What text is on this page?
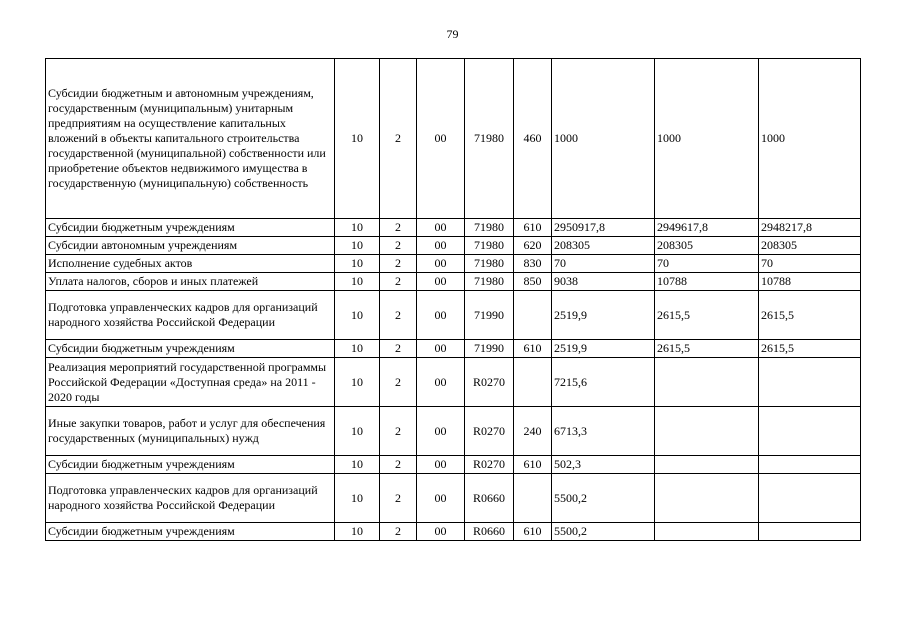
79
Субсидии бюджетным и автономным учреждениям, государственным (муниципальным) унитарным предприятиям на осуществление капитальных вложений в объекты капитального строительства государственной (муниципальной) собственности или приобретение объектов недвижимого имущества в государственную (муниципальную) собственность	10	2	00	71980	460	1000	1000	1000
Субсидии бюджетным учреждениям	10	2	00	71980	610	2950917,8	2949617,8	2948217,8
Субсидии автономным учреждениям	10	2	00	71980	620	208305	208305	208305
Исполнение судебных актов	10	2	00	71980	830	70	70	70
Уплата налогов, сборов и иных платежей	10	2	00	71980	850	9038	10788	10788
Подготовка управленческих кадров для организаций народного хозяйства Российской Федерации	10	2	00	71990		2519,9	2615,5	2615,5
Субсидии бюджетным учреждениям	10	2	00	71990	610	2519,9	2615,5	2615,5
Реализация мероприятий государственной программы Российской Федерации «Доступная среда» на 2011 - 2020 годы	10	2	00	R0270		7215,6		
Иные закупки товаров, работ и услуг для обеспечения государственных (муниципальных) нужд	10	2	00	R0270	240	6713,3		
Субсидии бюджетным учреждениям	10	2	00	R0270	610	502,3		
Подготовка управленческих кадров для организаций народного хозяйства Российской Федерации	10	2	00	R0660		5500,2		
Субсидии бюджетным учреждениям	10	2	00	R0660	610	5500,2		
